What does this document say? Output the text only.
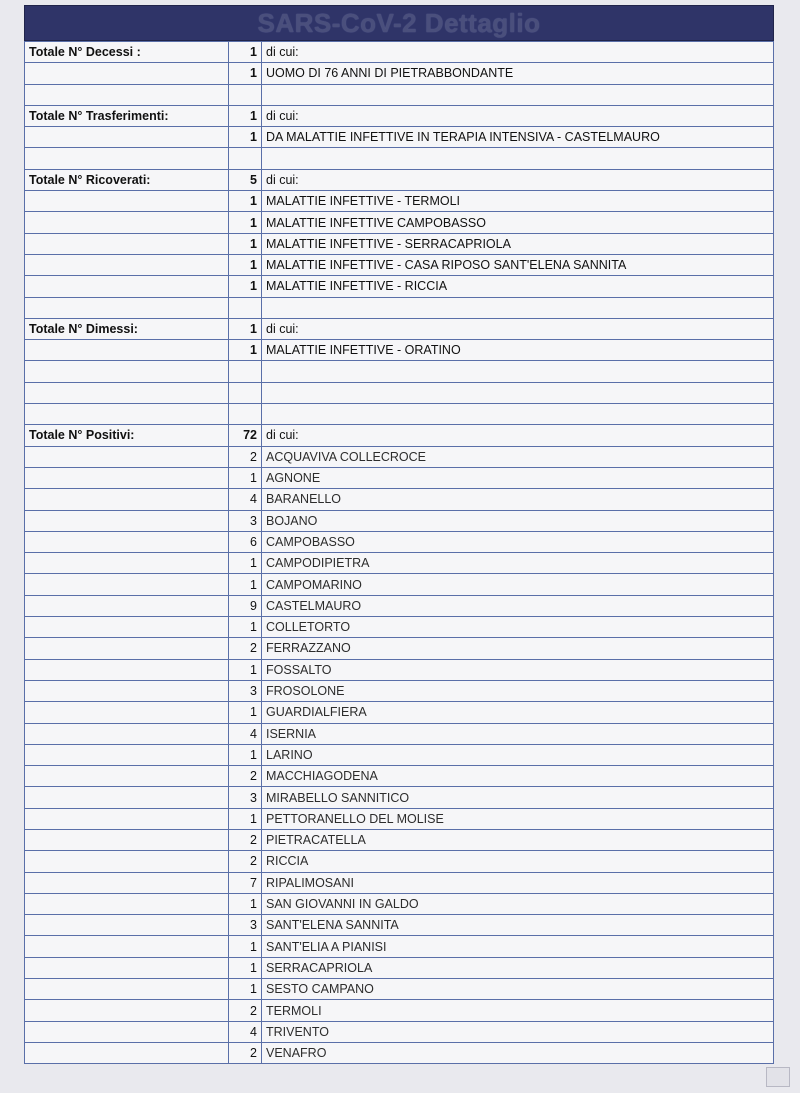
SARS-CoV-2 Dettaglio
Totale N° Decessi :	1	di cui:
	1	UOMO DI 76 ANNI DI PIETRABBONDANTE

Totale N° Trasferimenti:	1	di cui:
	1	DA MALATTIE INFETTIVE IN TERAPIA INTENSIVA - CASTELMAURO

Totale N° Ricoverati:	5	di cui:
	1	MALATTIE INFETTIVE - TERMOLI
	1	MALATTIE INFETTIVE CAMPOBASSO
	1	MALATTIE INFETTIVE - SERRACAPRIOLA
	1	MALATTIE INFETTIVE - CASA RIPOSO SANT'ELENA SANNITA
	1	MALATTIE INFETTIVE - RICCIA

Totale N° Dimessi:	1	di cui:
	1	MALATTIE INFETTIVE - ORATINO

Totale N° Positivi:	72	di cui:
	2	ACQUAVIVA COLLECROCE
	1	AGNONE
	4	BARANELLO
	3	BOJANO
	6	CAMPOBASSO
	1	CAMPODIPIETRA
	1	CAMPOMARINO
	9	CASTELMAURO
	1	COLLETORTO
	2	FERRAZZANO
	1	FOSSALTO
	3	FROSOLONE
	1	GUARDIALFIERA
	4	ISERNIA
	1	LARINO
	2	MACCHIAGODENA
	3	MIRABELLO SANNITICO
	1	PETTORANELLO DEL MOLISE
	2	PIETRACATELLA
	2	RICCIA
	7	RIPALIMOSANI
	1	SAN GIOVANNI IN GALDO
	3	SANT'ELENA SANNITA
	1	SANT'ELIA A PIANISI
	1	SERRACAPRIOLA
	1	SESTO CAMPANO
	2	TERMOLI
	4	TRIVENTO
	2	VENAFRO
